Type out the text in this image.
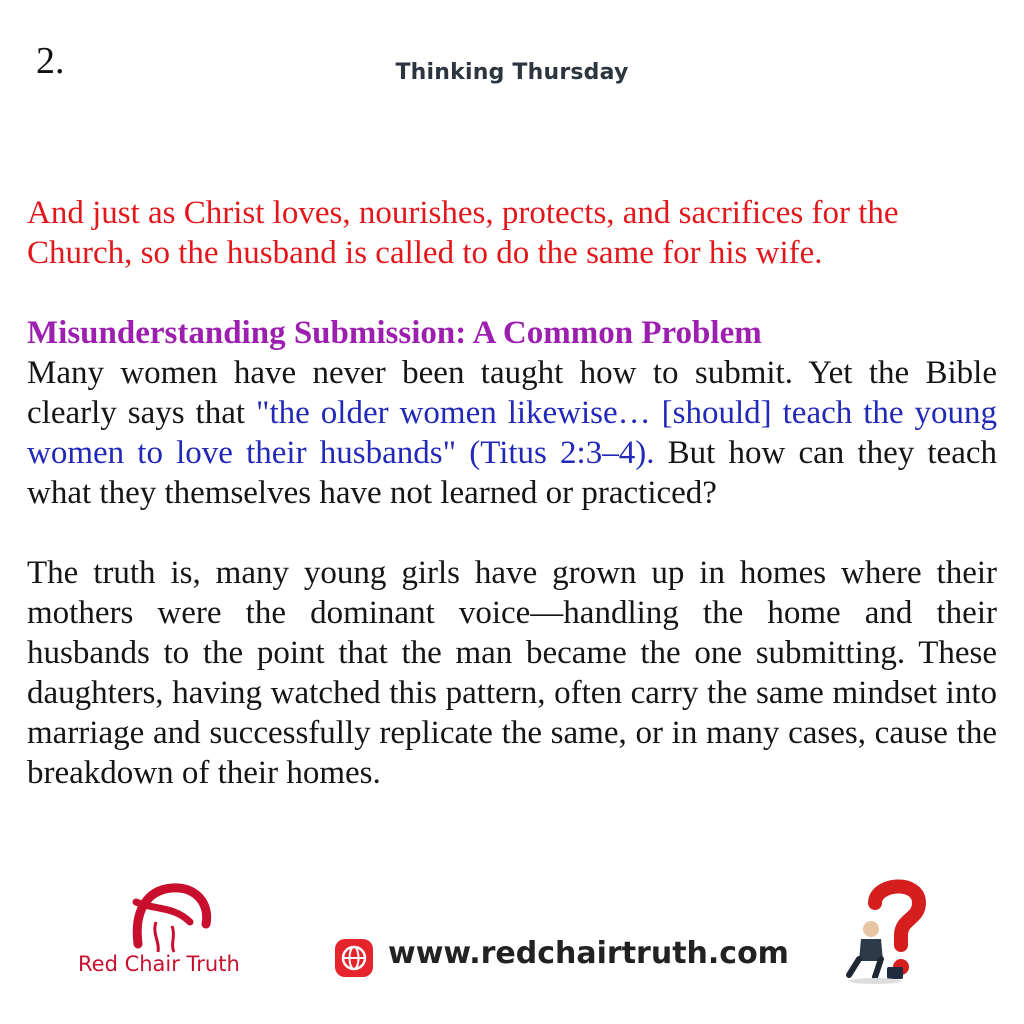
2.	Thinking Thursday

And just as Christ loves, nourishes, protects, and sacrifices for the Church, so the husband is called to do the same for his wife.

Misunderstanding Submission: A Common Problem

Many women have never been taught how to submit. Yet the Bible clearly says that "the older women likewise… [should] teach the young women to love their husbands" (Titus 2:3–4). But how can they teach what they themselves have not learned or practiced?

The truth is, many young girls have grown up in homes where their mothers were the dominant voice—handling the home and their husbands to the point that the man became the one submitting. These daughters, having watched this pattern, often carry the same mindset into marriage and successfully replicate the same, or in many cases, cause the breakdown of their homes.

Red Chair Truth	www.redchairtruth.com
